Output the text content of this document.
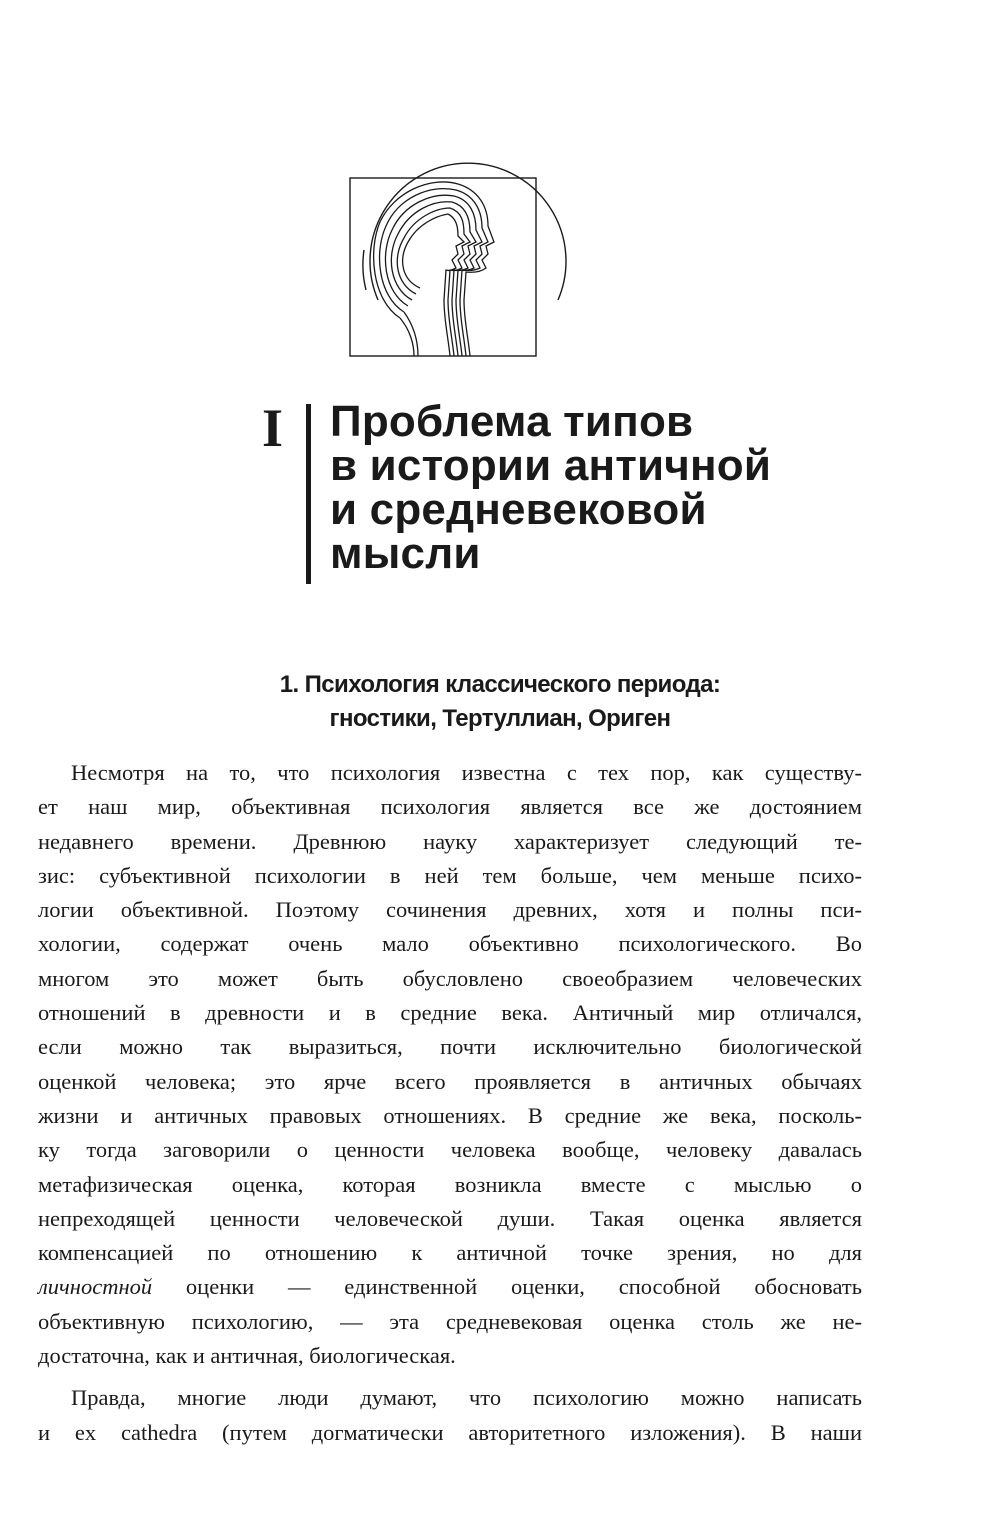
I Проблема типов
в истории античной
и средневековой
мысли
1. Психология классического периода:
гностики, Тертуллиан, Ориген
Несмотря на то, что психология известна с тех пор, как существу-
ет наш мир, объективная психология является все же достоянием
недавнего времени. Древнюю науку характеризует следующий те-
зис: субъективной психологии в ней тем больше, чем меньше психо-
логии объективной. Поэтому сочинения древних, хотя и полны пси-
хологии, содержат очень мало объективно психологического. Во
многом это может быть обусловлено своеобразием человеческих
отношений в древности и в средние века. Античный мир отличался,
если можно так выразиться, почти исключительно биологической
оценкой человека; это ярче всего проявляется в античных обычаях
жизни и античных правовых отношениях. В средние же века, посколь-
ку тогда заговорили о ценности человека вообще, человеку давалась
метафизическая оценка, которая возникла вместе с мыслью о
непреходящей ценности человеческой души. Такая оценка является
компенсацией по отношению к античной точке зрения, но для
личностной оценки — единственной оценки, способной обосновать
объективную психологию, — эта средневековая оценка столь же не-
достаточна, как и античная, биологическая.
Правда, многие люди думают, что психологию можно написать
и ex cathedra (путем догматически авторитетного изложения). В наши
